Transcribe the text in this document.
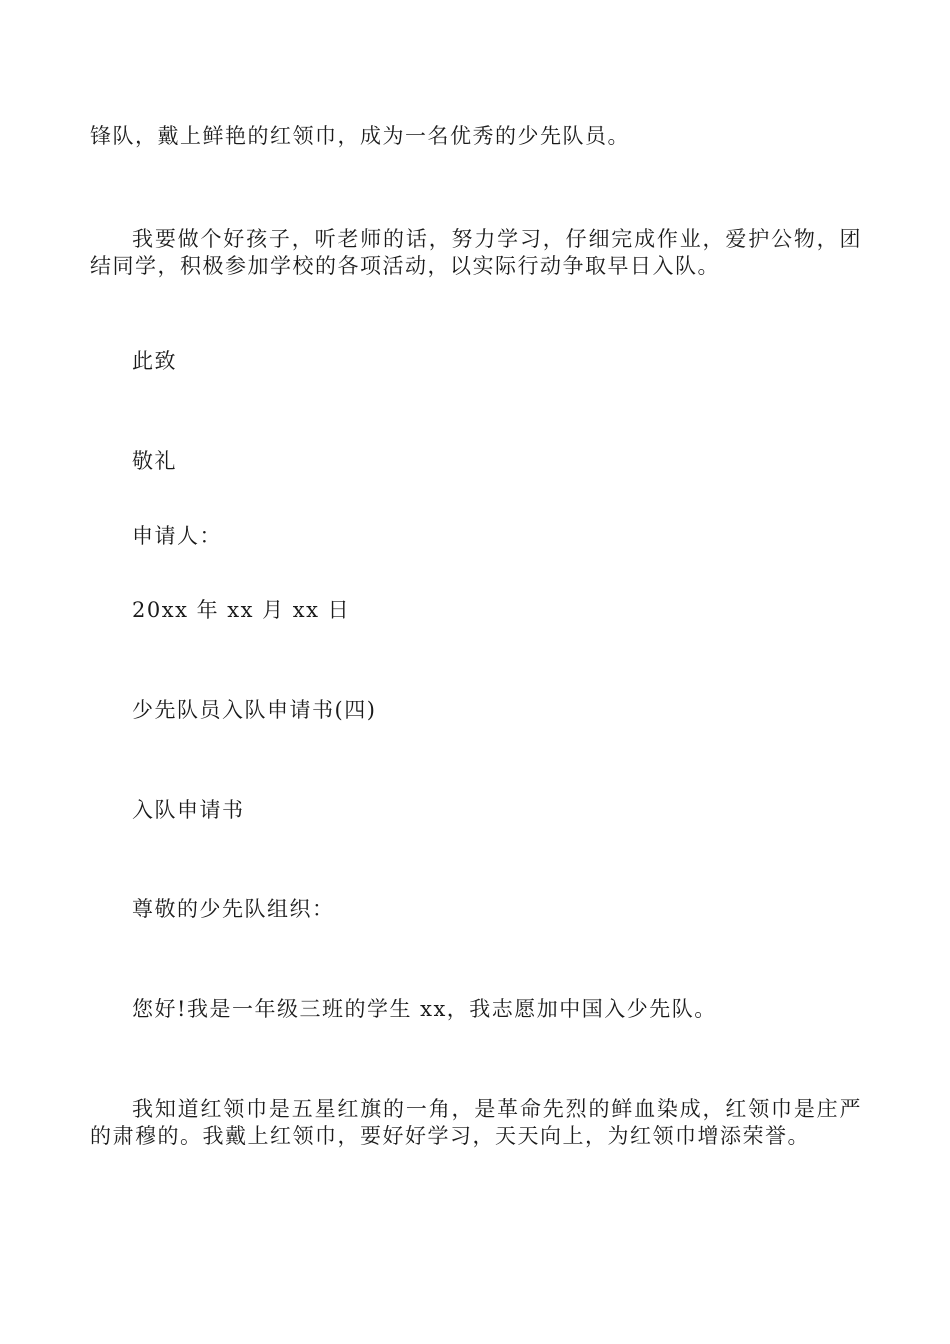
锋队，戴上鲜艳的红领巾，成为一名优秀的少先队员。
我要做个好孩子，听老师的话，努力学习，仔细完成作业，爱护公物，团结同学，积极参加学校的各项活动，以实际行动争取早日入队。
此致
敬礼
申请人：
20xx 年 xx 月 xx 日
少先队员入队申请书(四)
入队申请书
尊敬的少先队组织：
您好!我是一年级三班的学生 xx，我志愿加中国入少先队。
我知道红领巾是五星红旗的一角，是革命先烈的鲜血染成，红领巾是庄严的肃穆的。我戴上红领巾，要好好学习，天天向上，为红领巾增添荣誉。
